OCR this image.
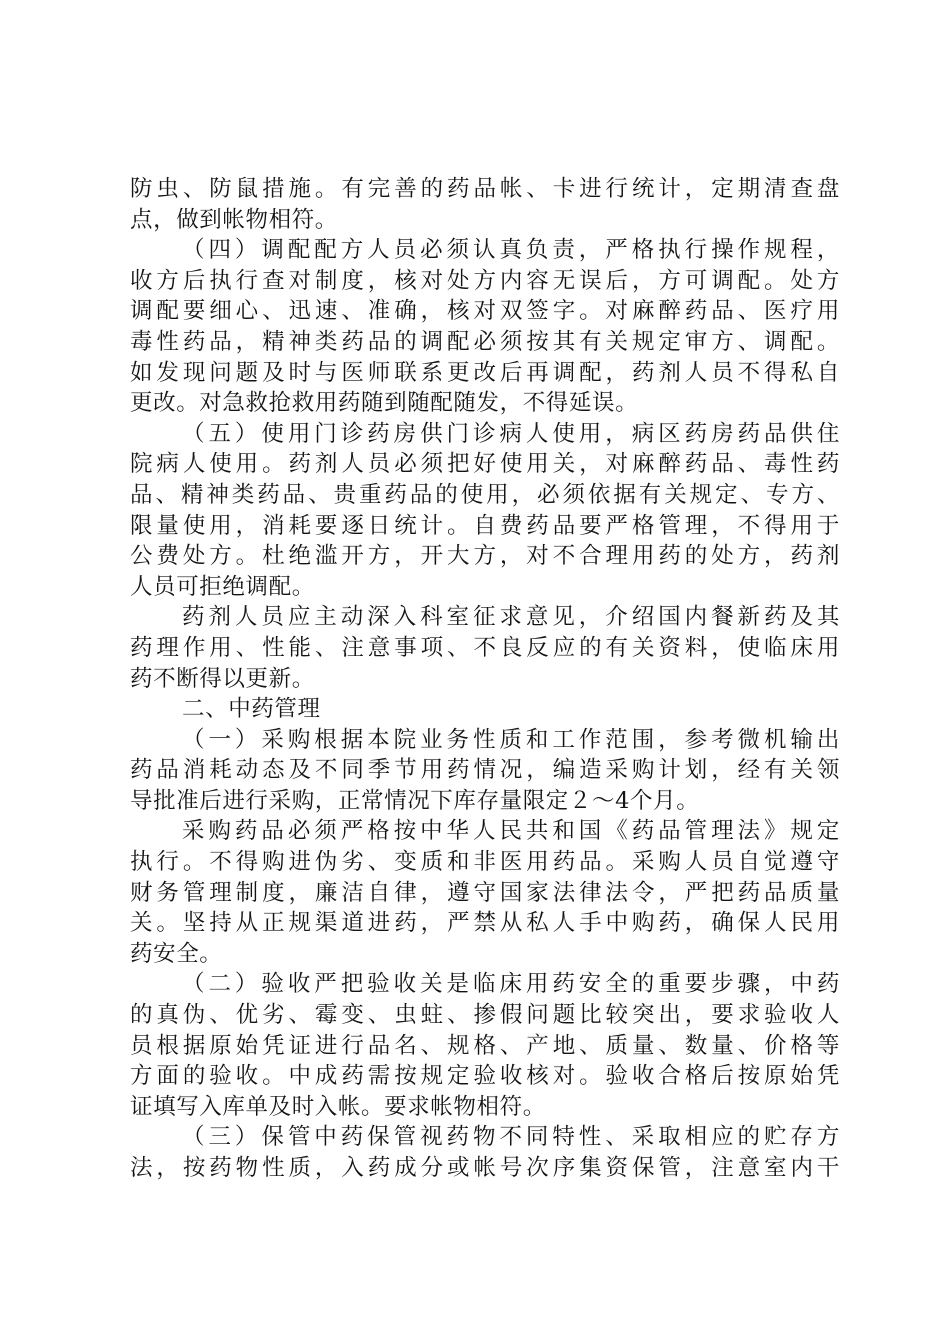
防虫、防鼠措施。有完善的药品帐、卡进行统计，定期清查盘
点，做到帐物相符。

（四）调配配方人员必须认真负责，严格执行操作规程，
收方后执行查对制度，核对处方内容无误后，方可调配。处方
调配要细心、迅速、准确，核对双签字。对麻醉药品、医疗用
毒性药品，精神类药品的调配必须按其有关规定审方、调配。
如发现问题及时与医师联系更改后再调配，药剂人员不得私自
更改。对急救抢救用药随到随配随发，不得延误。

（五）使用门诊药房供门诊病人使用，病区药房药品供住
院病人使用。药剂人员必须把好使用关，对麻醉药品、毒性药
品、精神类药品、贵重药品的使用，必须依据有关规定、专方、
限量使用，消耗要逐日统计。自费药品要严格管理，不得用于
公费处方。杜绝滥开方，开大方，对不合理用药的处方，药剂
人员可拒绝调配。

药剂人员应主动深入科室征求意见，介绍国内餐新药及其
药理作用、性能、注意事项、不良反应的有关资料，使临床用
药不断得以更新。

二、中药管理

（一）采购根据本院业务性质和工作范围，参考微机输出
药品消耗动态及不同季节用药情况，编造采购计划，经有关领
导批准后进行采购，正常情况下库存量限定２～4个月。

采购药品必须严格按中华人民共和国《药品管理法》规定
执行。不得购进伪劣、变质和非医用药品。采购人员自觉遵守
财务管理制度，廉洁自律，遵守国家法律法令，严把药品质量
关。坚持从正规渠道进药，严禁从私人手中购药，确保人民用
药安全。

（二）验收严把验收关是临床用药安全的重要步骤，中药
的真伪、优劣、霉变、虫蛀、掺假问题比较突出，要求验收人
员根据原始凭证进行品名、规格、产地、质量、数量、价格等
方面的验收。中成药需按规定验收核对。验收合格后按原始凭
证填写入库单及时入帐。要求帐物相符。

（三）保管中药保管视药物不同特性、采取相应的贮存方
法，按药物性质，入药成分或帐号次序集资保管，注意室内干
